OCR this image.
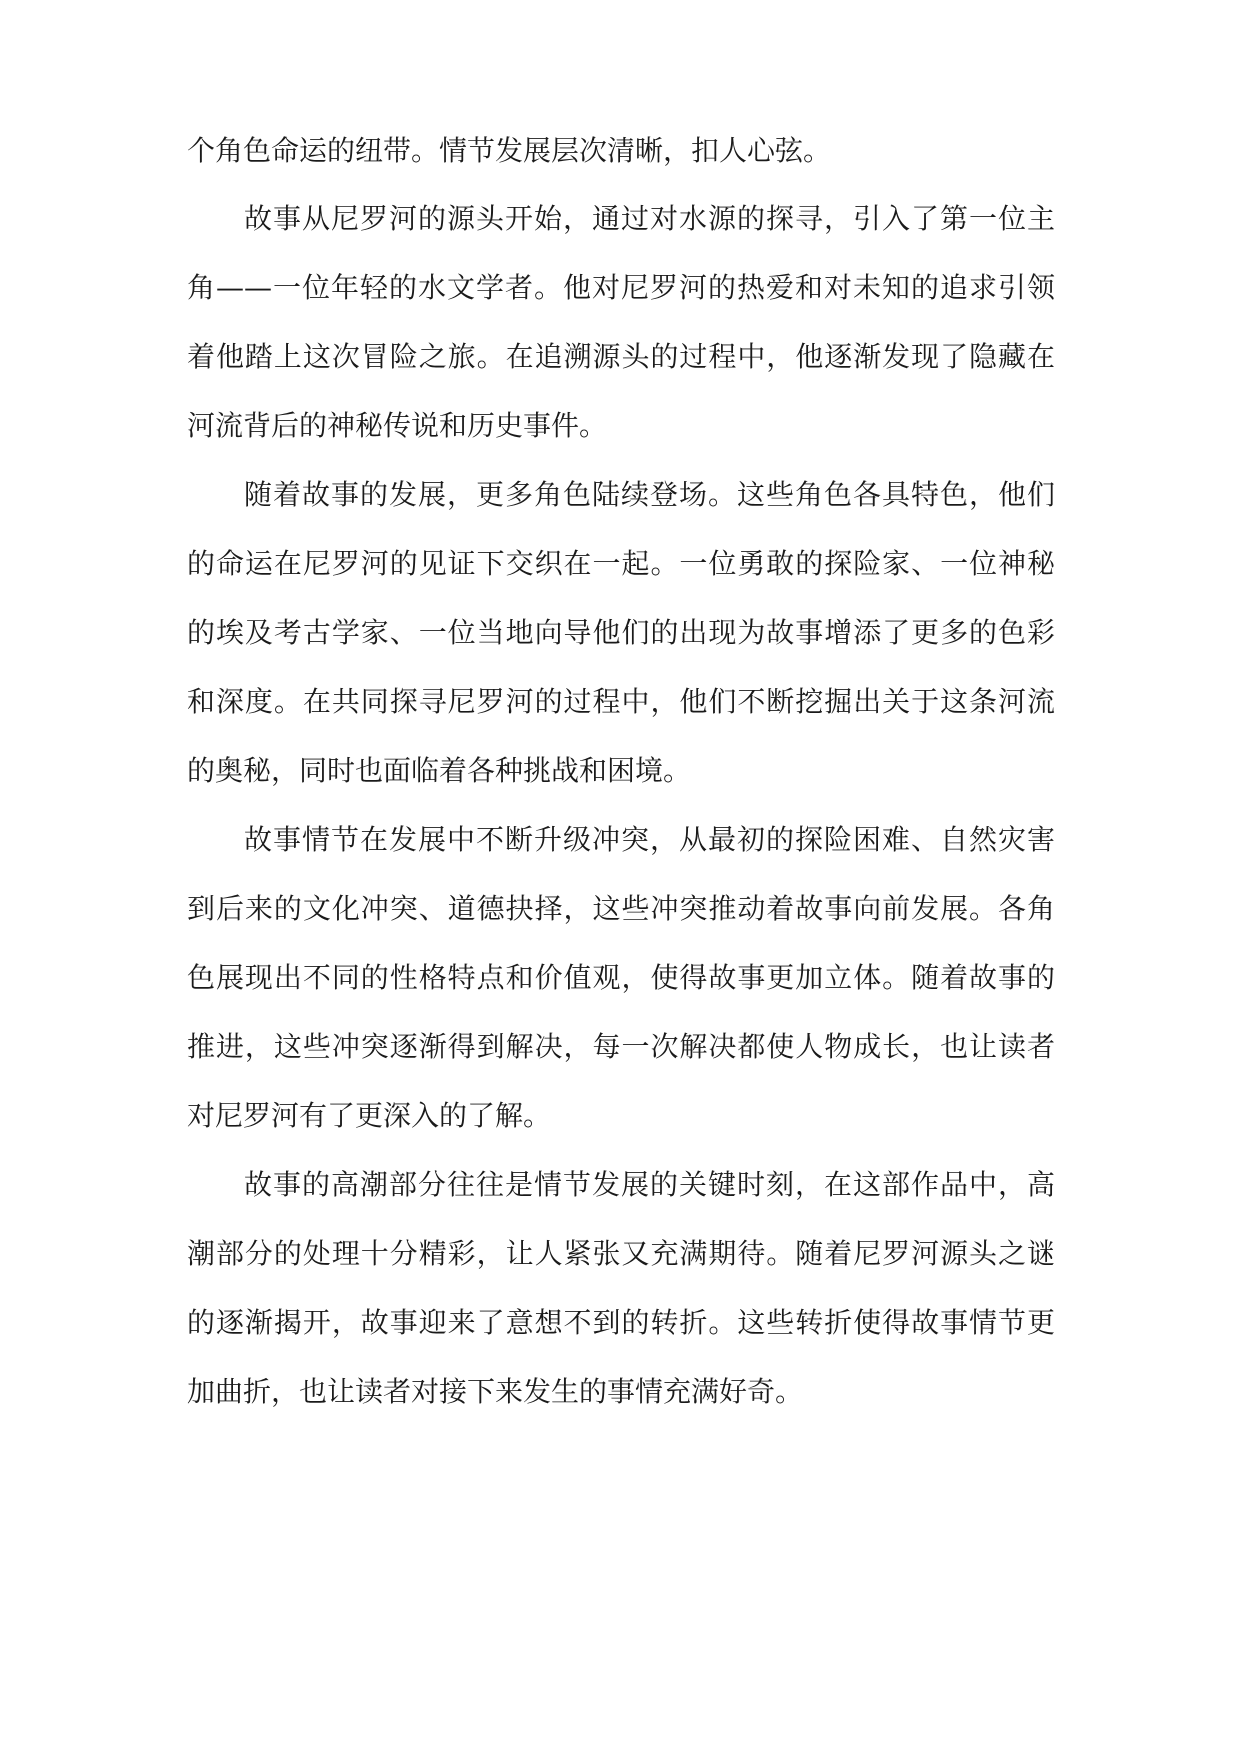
个角色命运的纽带。情节发展层次清晰，扣人心弦。

故事从尼罗河的源头开始，通过对水源的探寻，引入了第一位主

角——一位年轻的水文学者。他对尼罗河的热爱和对未知的追求引领

着他踏上这次冒险之旅。在追溯源头的过程中，他逐渐发现了隐藏在

河流背后的神秘传说和历史事件。

随着故事的发展，更多角色陆续登场。这些角色各具特色，他们

的命运在尼罗河的见证下交织在一起。一位勇敢的探险家、一位神秘

的埃及考古学家、一位当地向导他们的出现为故事增添了更多的色彩

和深度。在共同探寻尼罗河的过程中，他们不断挖掘出关于这条河流

的奥秘，同时也面临着各种挑战和困境。

故事情节在发展中不断升级冲突，从最初的探险困难、自然灾害

到后来的文化冲突、道德抉择，这些冲突推动着故事向前发展。各角

色展现出不同的性格特点和价值观，使得故事更加立体。随着故事的

推进，这些冲突逐渐得到解决，每一次解决都使人物成长，也让读者

对尼罗河有了更深入的了解。

故事的高潮部分往往是情节发展的关键时刻，在这部作品中，高

潮部分的处理十分精彩，让人紧张又充满期待。随着尼罗河源头之谜

的逐渐揭开，故事迎来了意想不到的转折。这些转折使得故事情节更

加曲折，也让读者对接下来发生的事情充满好奇。
